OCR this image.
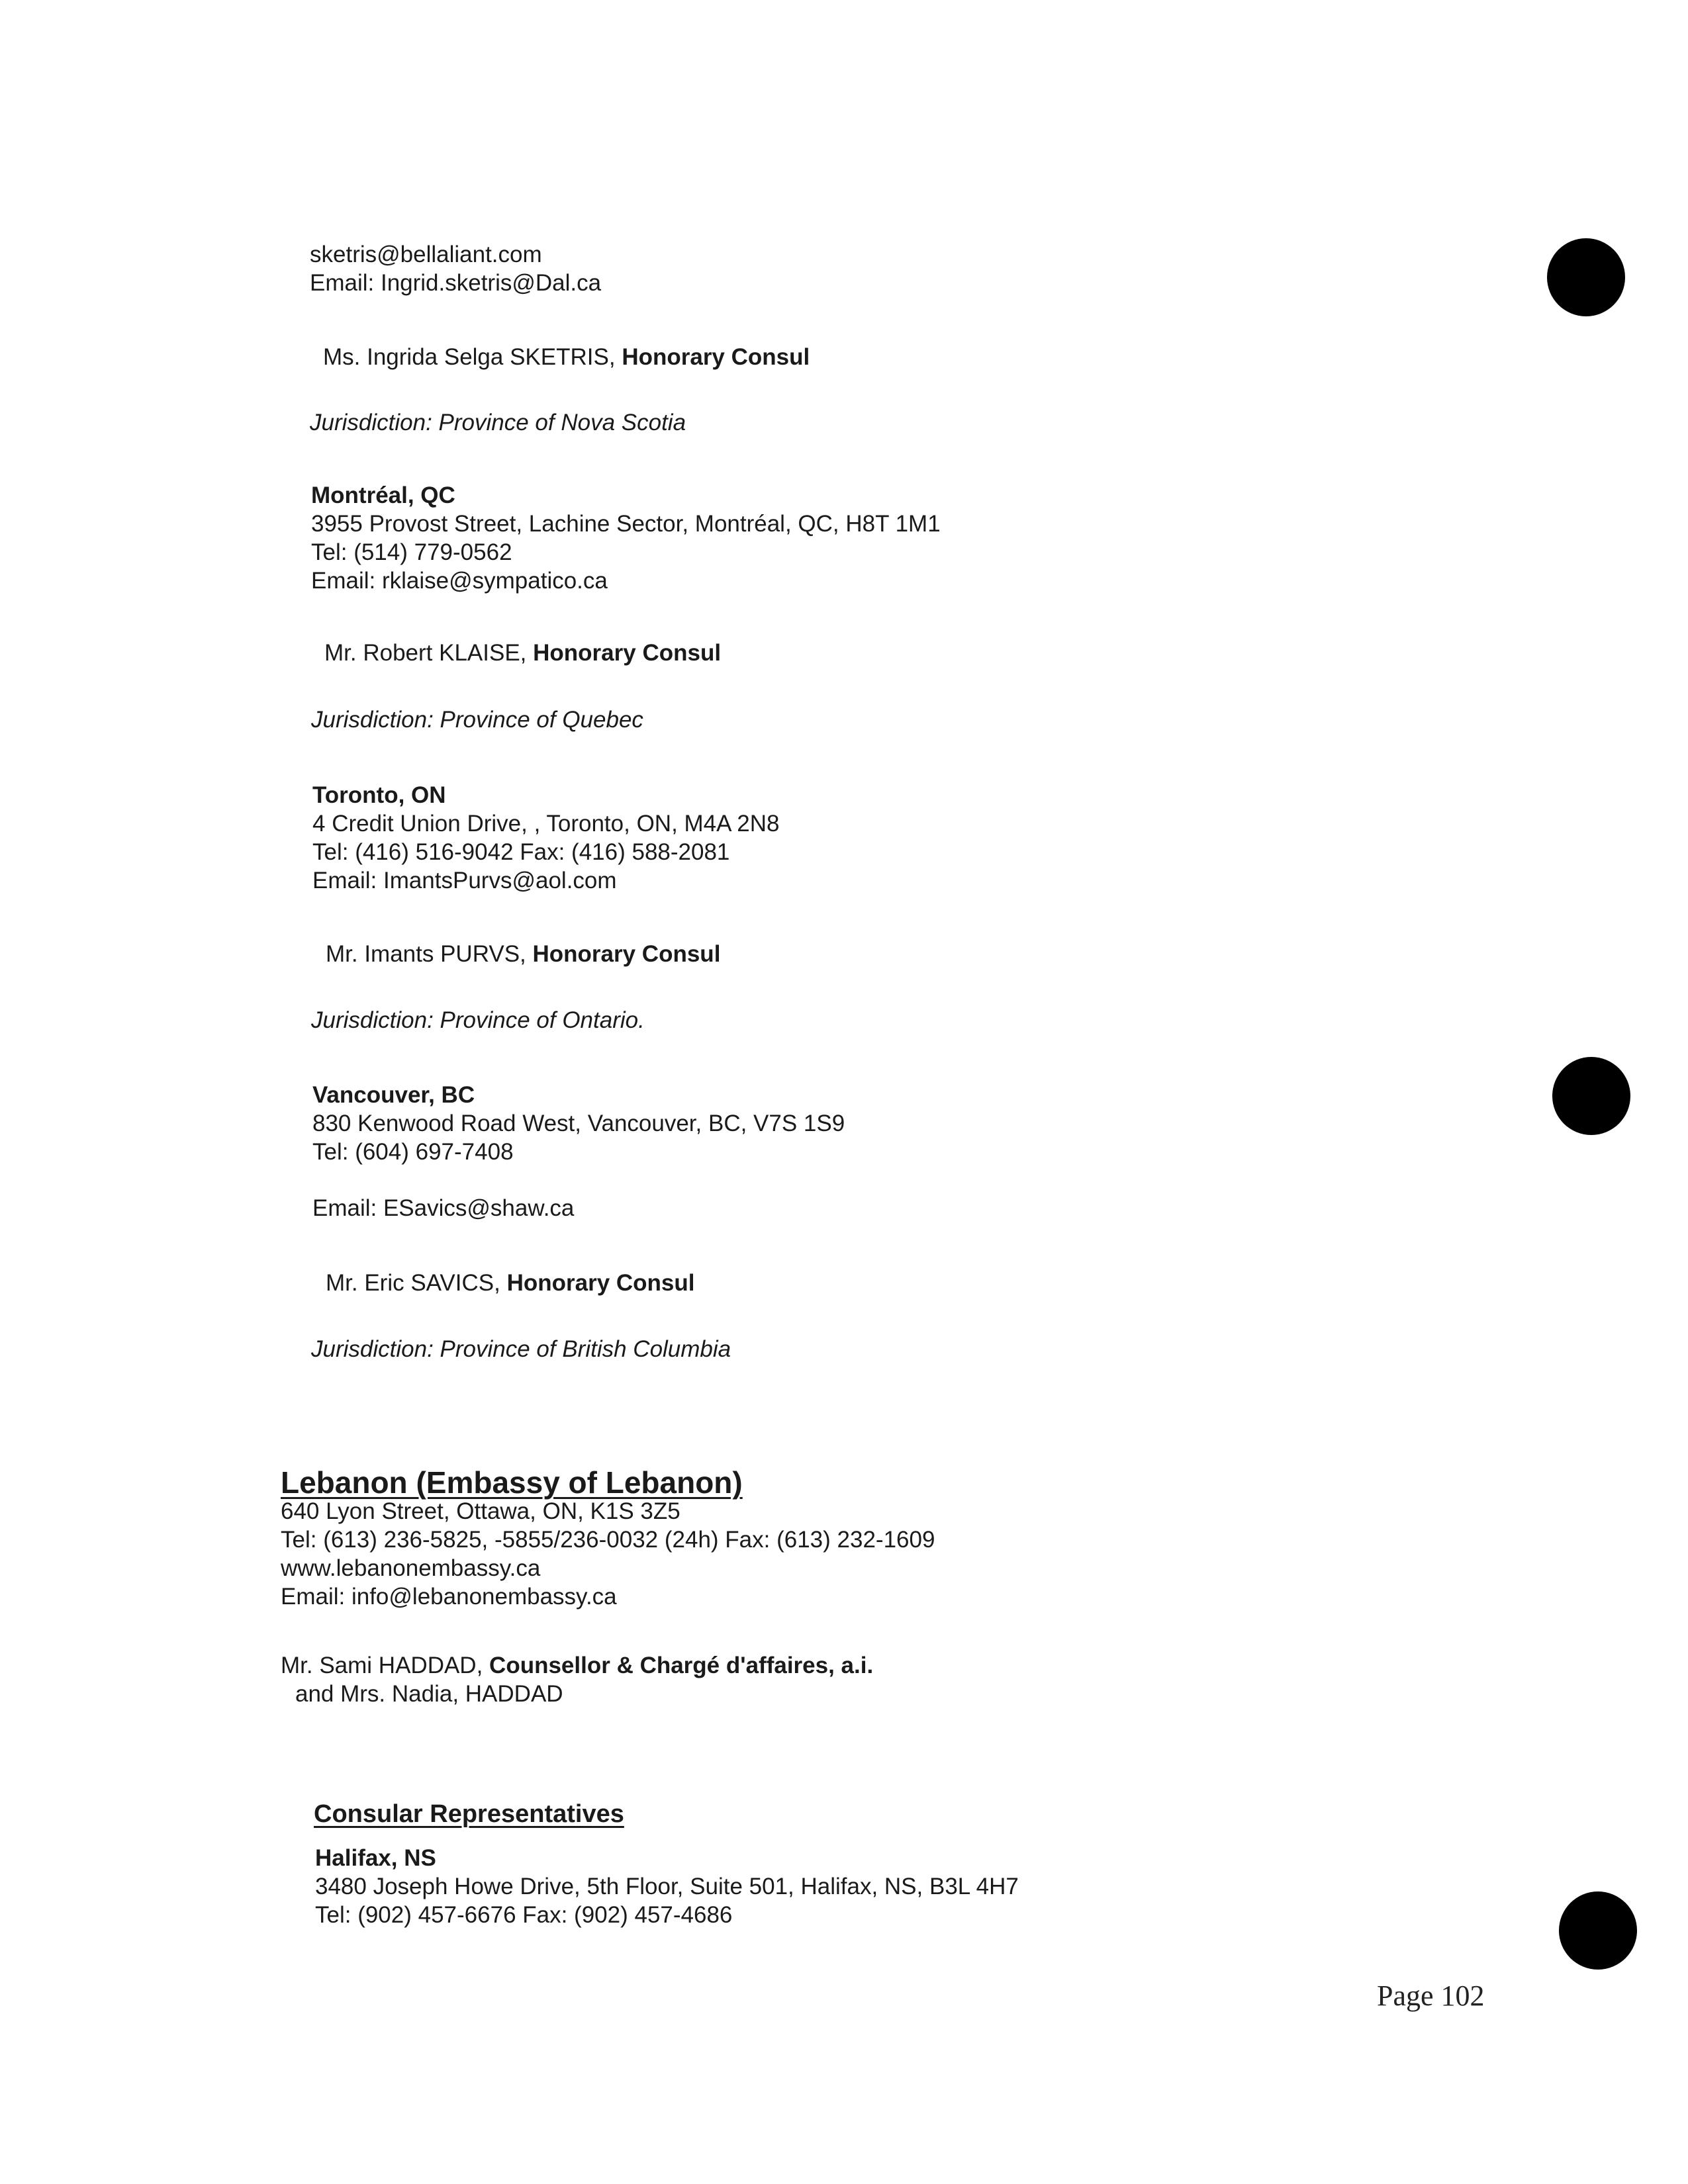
sketris@bellaliant.com
Email: Ingrid.sketris@Dal.ca
Ms. Ingrida Selga SKETRIS, Honorary Consul
Jurisdiction: Province of Nova Scotia
Montréal, QC
3955 Provost Street, Lachine Sector, Montréal, QC, H8T 1M1
Tel: (514) 779-0562
Email: rklaise@sympatico.ca
Mr. Robert KLAISE, Honorary Consul
Jurisdiction: Province of Quebec
Toronto, ON
4 Credit Union Drive, , Toronto, ON, M4A 2N8
Tel: (416) 516-9042 Fax: (416) 588-2081
Email: ImantsPurvs@aol.com
Mr. Imants PURVS, Honorary Consul
Jurisdiction: Province of Ontario.
Vancouver, BC
830 Kenwood Road West, Vancouver, BC, V7S 1S9
Tel: (604) 697-7408
Email: ESavics@shaw.ca
Mr. Eric SAVICS, Honorary Consul
Jurisdiction: Province of British Columbia
Lebanon (Embassy of Lebanon)
640 Lyon Street, Ottawa, ON, K1S 3Z5
Tel: (613) 236-5825, -5855/236-0032 (24h) Fax: (613) 232-1609
www.lebanonembassy.ca
Email: info@lebanonembassy.ca
Mr. Sami HADDAD, Counsellor & Chargé d'affaires, a.i.
and Mrs. Nadia, HADDAD
Consular Representatives
Halifax, NS
3480 Joseph Howe Drive, 5th Floor, Suite 501, Halifax, NS, B3L 4H7
Tel: (902) 457-6676 Fax: (902) 457-4686
Page 102
